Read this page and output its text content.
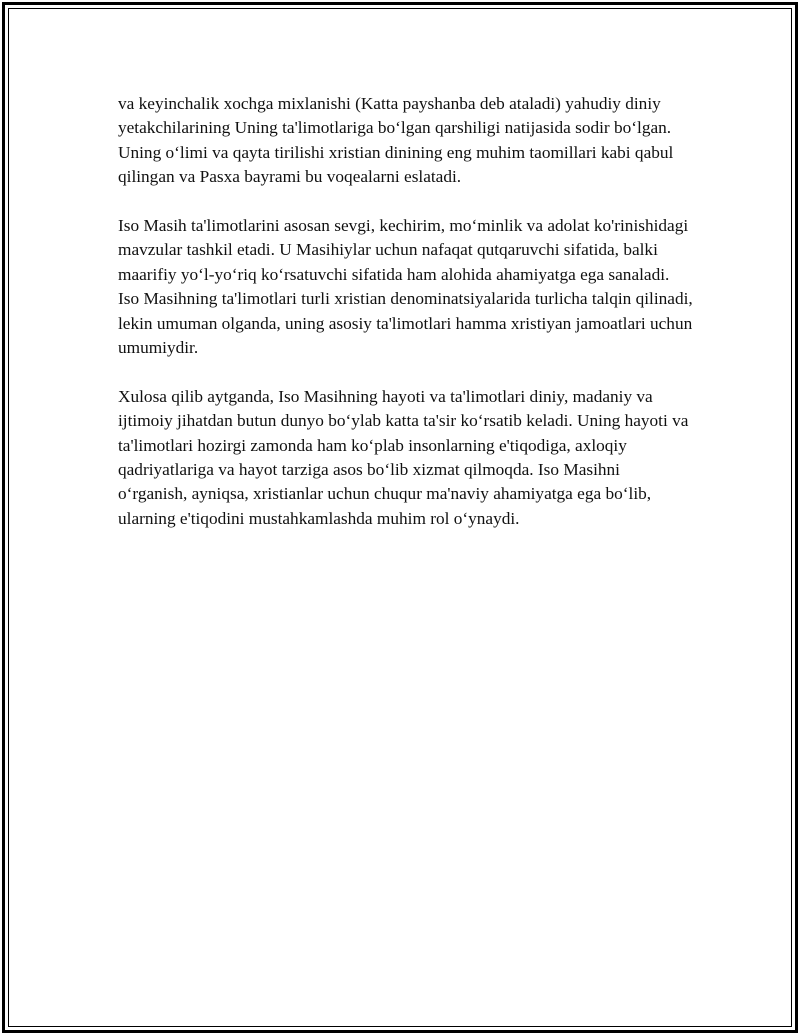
va keyinchalik xochga mixlanishi (Katta payshanba deb ataladi) yahudiy diniy yetakchilarining Uning ta'limotlariga bo‘lgan qarshiligi natijasida sodir bo‘lgan. Uning o‘limi va qayta tirilishi xristian dinining eng muhim taomillari kabi qabul qilingan va Pasxa bayrami bu voqealarni eslatadi.

Iso Masih ta'limotlarini asosan sevgi, kechirim, mo‘minlik va adolat ko'rinishidagi mavzular tashkil etadi. U Masihiylar uchun nafaqat qutqaruvchi sifatida, balki maarifiy yo‘l-yo‘riq ko‘rsatuvchi sifatida ham alohida ahamiyatga ega sanaladi. Iso Masihning ta'limotlari turli xristian denominatsiyalarida turlicha talqin qilinadi, lekin umuman olganda, uning asosiy ta'limotlari hamma xristiyan jamoatlari uchun umumiydir.

Xulosa qilib aytganda, Iso Masihning hayoti va ta'limotlari diniy, madaniy va ijtimoiy jihatdan butun dunyo bo‘ylab katta ta'sir ko‘rsatib keladi. Uning hayoti va ta'limotlari hozirgi zamonda ham ko‘plab insonlarning e'tiqodiga, axloqiy qadriyatlariga va hayot tarziga asos bo‘lib xizmat qilmoqda. Iso Masihni o‘rganish, ayniqsa, xristianlar uchun chuqur ma'naviy ahamiyatga ega bo‘lib, ularning e'tiqodini mustahkamlashda muhim rol o‘ynaydi.
